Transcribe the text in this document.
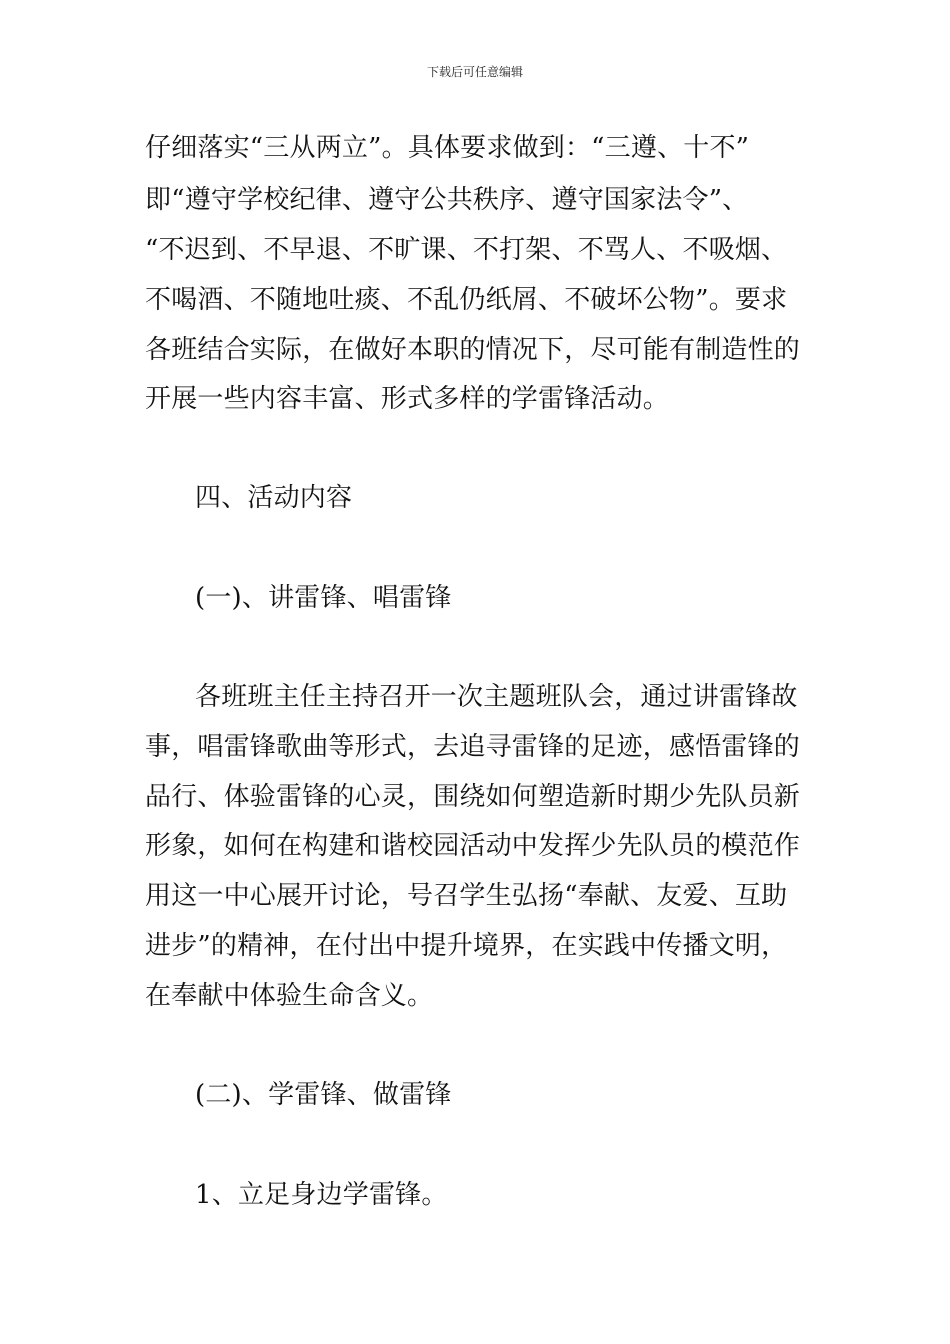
下载后可任意编辑
仔细落实“三从两立”。具体要求做到：“三遵、十不”
即“遵守学校纪律、遵守公共秩序、遵守国家法令”、
“不迟到、不早退、不旷课、不打架、不骂人、不吸烟、
不喝酒、不随地吐痰、不乱仍纸屑、不破坏公物”。要求
各班结合实际，在做好本职的情况下，尽可能有制造性的
开展一些内容丰富、形式多样的学雷锋活动。
四、活动内容
(一)、讲雷锋、唱雷锋
各班班主任主持召开一次主题班队会，通过讲雷锋故
事，唱雷锋歌曲等形式，去追寻雷锋的足迹，感悟雷锋的
品行、体验雷锋的心灵，围绕如何塑造新时期少先队员新
形象，如何在构建和谐校园活动中发挥少先队员的模范作
用这一中心展开讨论，号召学生弘扬“奉献、友爱、互助
进步”的精神，在付出中提升境界，在实践中传播文明，
在奉献中体验生命含义。
(二)、学雷锋、做雷锋
1、立足身边学雷锋。
